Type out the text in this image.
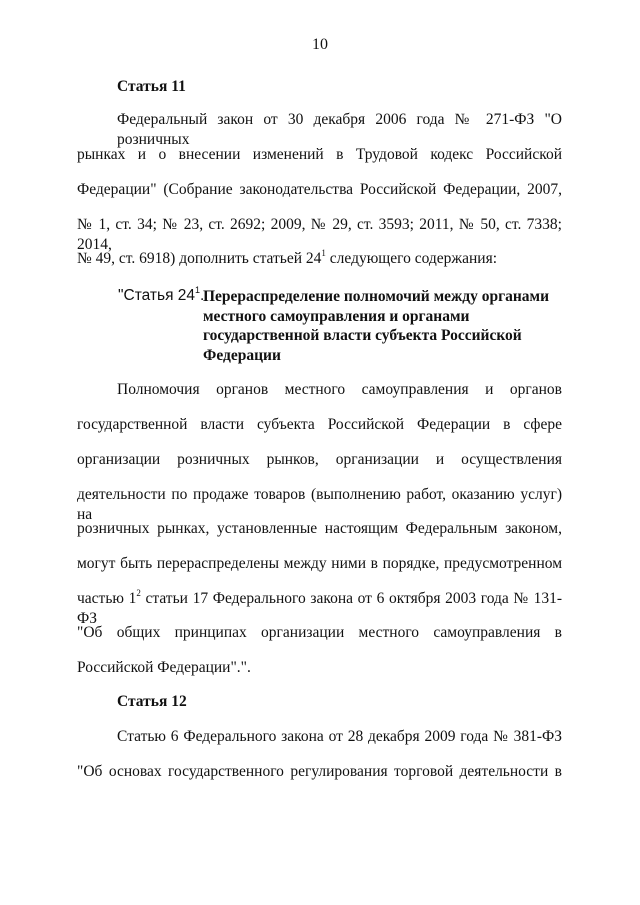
10
Статья 11
Федеральный закон от 30 декабря 2006 года № 271-ФЗ "О розничных
рынках и о внесении изменений в Трудовой кодекс Российской
Федерации" (Собрание законодательства Российской Федерации, 2007,
№ 1, ст. 34; № 23, ст. 2692; 2009, № 29, ст. 3593; 2011, № 50, ст. 7338; 2014,
№ 49, ст. 6918) дополнить статьей $24^1$ следующего содержания:
"Статья $24^1$.
Перераспределение полномочий между органами
местного самоуправления и органами
государственной власти субъекта Российской
Федерации
Полномочия органов местного самоуправления и органов
государственной власти субъекта Российской Федерации в сфере
организации розничных рынков, организации и осуществления
деятельности по продаже товаров (выполнению работ, оказанию услуг) на
розничных рынках, установленные настоящим Федеральным законом,
могут быть перераспределены между ними в порядке, предусмотренном
частью $1^2$ статьи 17 Федерального закона от 6 октября 2003 года № 131-ФЗ
"Об общих принципах организации местного самоуправления в
Российской Федерации".".
Статья 12
Статью 6 Федерального закона от 28 декабря 2009 года № 381-ФЗ
"Об основах государственного регулирования торговой деятельности в
